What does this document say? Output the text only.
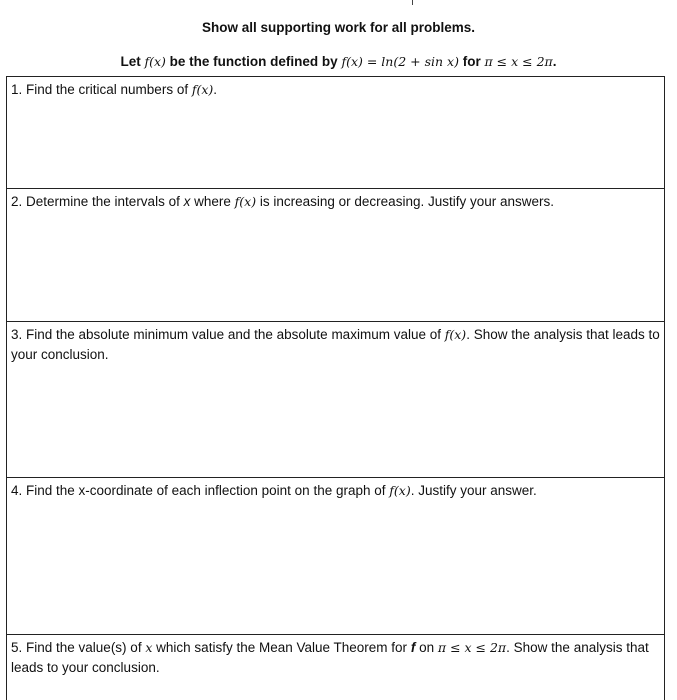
Show all supporting work for all problems.
Let f(x) be the function defined by f(x) = ln(2 + sin x) for π ≤ x ≤ 2π.
1. Find the critical numbers of f(x).
2. Determine the intervals of x where f(x) is increasing or decreasing. Justify your answers.
3. Find the absolute minimum value and the absolute maximum value of f(x). Show the analysis that leads to your conclusion.
4. Find the x-coordinate of each inflection point on the graph of f(x). Justify your answer.
5. Find the value(s) of x which satisfy the Mean Value Theorem for f on π ≤ x ≤ 2π. Show the analysis that leads to your conclusion.
